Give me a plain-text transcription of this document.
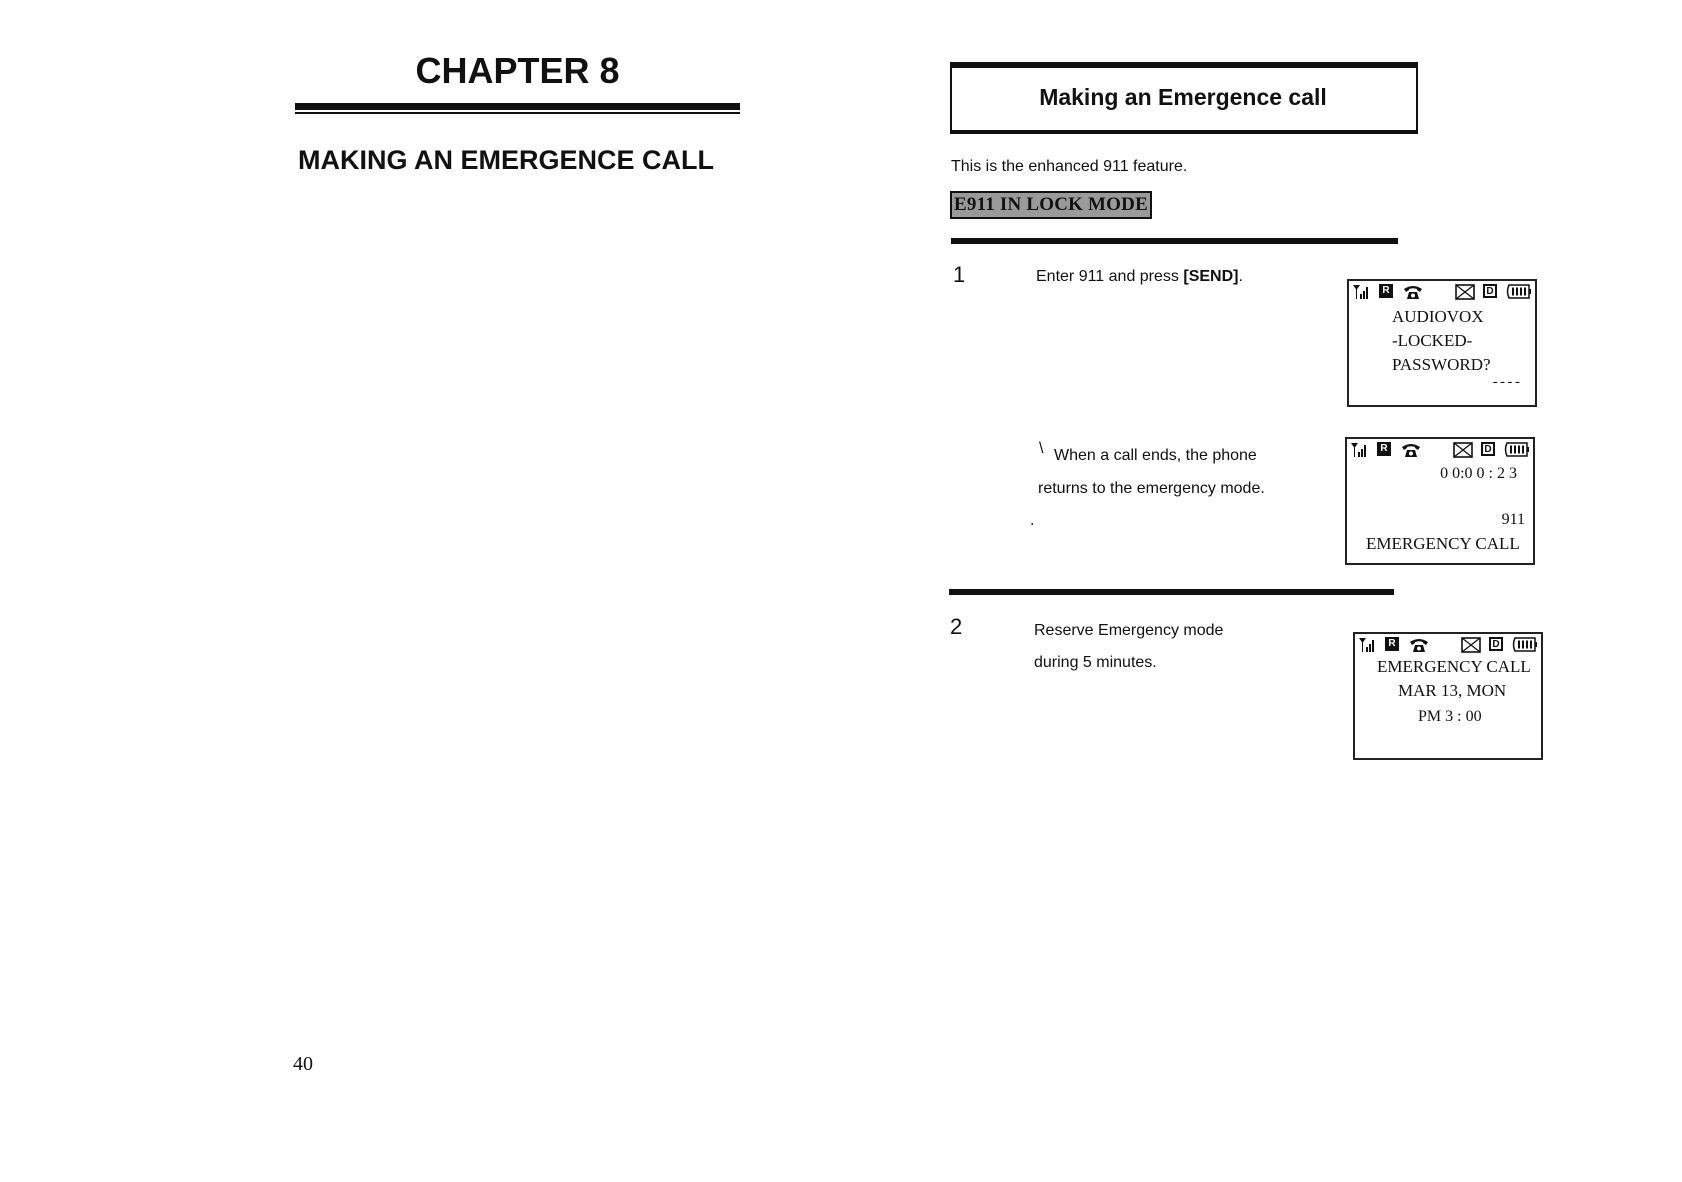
CHAPTER 8
MAKING AN EMERGENCE CALL
40
Making an Emergence call
This is the enhanced 911 feature.
E911 IN LOCK MODE
1	Enter 911 and press [SEND].
\ When a call ends, the phone
returns to the emergency mode.
.
R	D
AUDIOVOX
-LOCKED-
PASSWORD?
----
R	D
0 0:0 0 : 2 3
911
EMERGENCY CALL
2	Reserve Emergency mode
during 5 minutes.
R	D
EMERGENCY CALL
MAR 13, MON
PM 3 : 00
